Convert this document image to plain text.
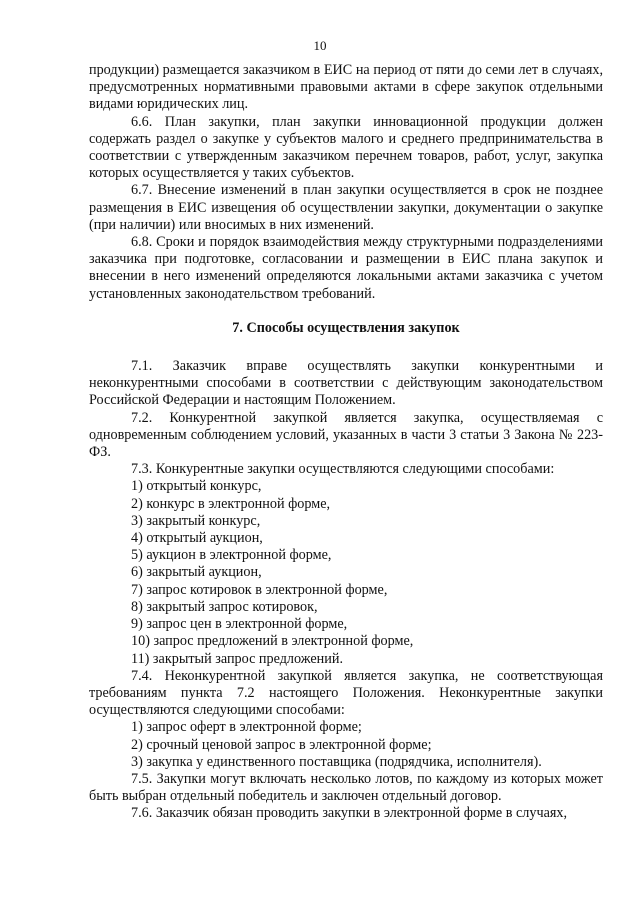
10

продукции) размещается заказчиком в ЕИС на период от пяти до семи лет в случаях, предусмотренных нормативными правовыми актами в сфере закупок отдельными видами юридических лиц.

6.6. План закупки, план закупки инновационной продукции должен содержать раздел о закупке у субъектов малого и среднего предпринимательства в соответствии с утвержденным заказчиком перечнем товаров, работ, услуг, закупка которых осуществляется у таких субъектов.

6.7. Внесение изменений в план закупки осуществляется в срок не позднее размещения в ЕИС извещения об осуществлении закупки, документации о закупке (при наличии) или вносимых в них изменений.

6.8. Сроки и порядок взаимодействия между структурными подразделениями заказчика при подготовке, согласовании и размещении в ЕИС плана закупок и внесении в него изменений определяются локальными актами заказчика с учетом установленных законодательством требований.

7. Способы осуществления закупок

7.1. Заказчик вправе осуществлять закупки конкурентными и неконкурентными способами в соответствии с действующим законодательством Российской Федерации и настоящим Положением.

7.2. Конкурентной закупкой является закупка, осуществляемая с одновременным соблюдением условий, указанных в части 3 статьи 3 Закона № 223-ФЗ.

7.3. Конкурентные закупки осуществляются следующими способами:

1) открытый конкурс,

2) конкурс в электронной форме,

3) закрытый конкурс,

4) открытый аукцион,

5) аукцион в электронной форме,

6) закрытый аукцион,

7) запрос котировок в электронной форме,

8) закрытый запрос котировок,

9) запрос цен в электронной форме,

10) запрос предложений в электронной форме,

11) закрытый запрос предложений.

7.4. Неконкурентной закупкой является закупка, не соответствующая требованиям пункта 7.2 настоящего Положения. Неконкурентные закупки осуществляются следующими способами:

1) запрос оферт в электронной форме;

2) срочный ценовой запрос в электронной форме;

3) закупка у единственного поставщика (подрядчика, исполнителя).

7.5. Закупки могут включать несколько лотов, по каждому из которых может быть выбран отдельный победитель и заключен отдельный договор.

7.6. Заказчик обязан проводить закупки в электронной форме в случаях,
